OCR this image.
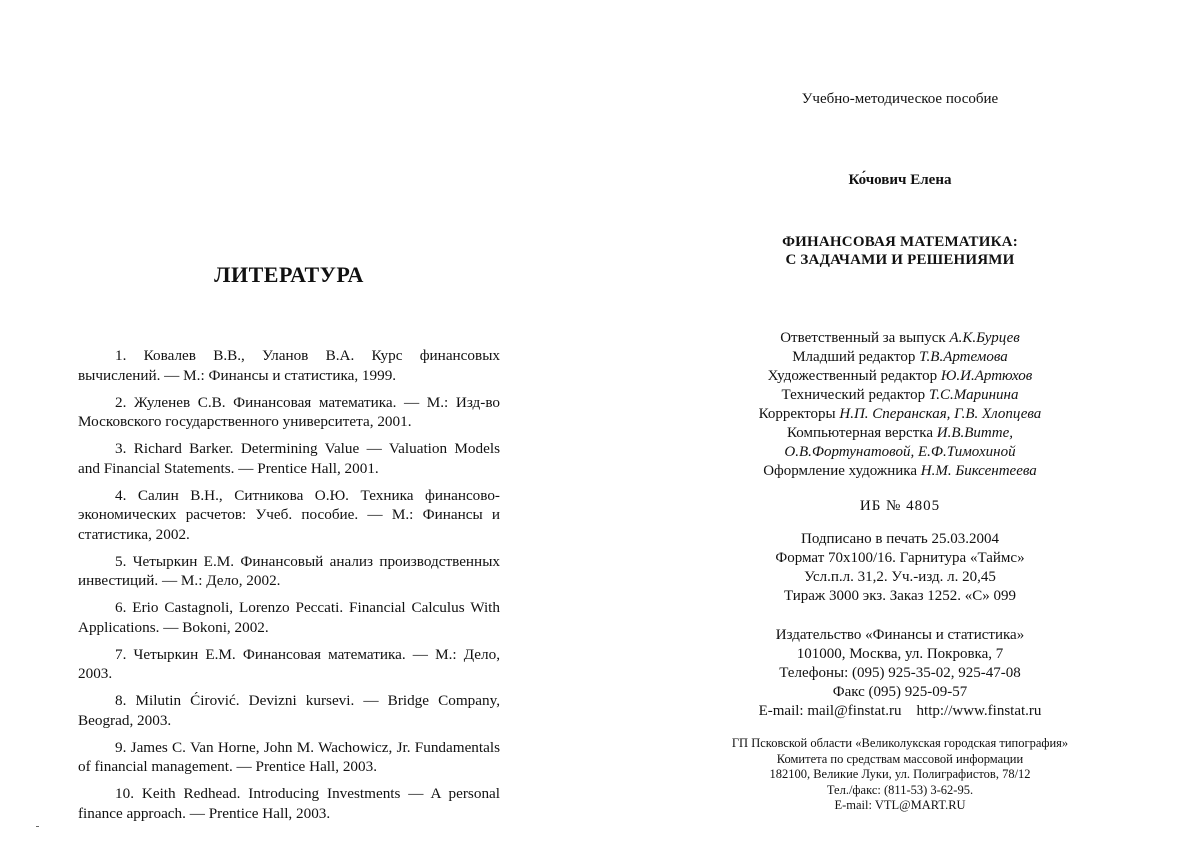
ЛИТЕРАТУРА
1. Ковалев В.В., Уланов В.А. Курс финансовых вычислений. — М.: Финансы и статистика, 1999.
2. Жуленев С.В. Финансовая математика. — М.: Изд-во Московского государственного университета, 2001.
3. Richard Barker. Determining Value — Valuation Models and Financial Statements. — Prentice Hall, 2001.
4. Салин В.Н., Ситникова О.Ю. Техника финансово-экономических расчетов: Учеб. пособие. — М.: Финансы и статистика, 2002.
5. Четыркин Е.М. Финансовый анализ производственных инвестиций. — М.: Дело, 2002.
6. Erio Castagnoli, Lorenzo Peccati. Financial Calculus With Applications. — Bokoni, 2002.
7. Четыркин Е.М. Финансовая математика. — М.: Дело, 2003.
8. Milutin Ćirović. Devizni kursevi. — Bridge Company, Beograd, 2003.
9. James C. Van Horne, John M. Wachowicz, Jr. Fundamentals of financial management. — Prentice Hall, 2003.
10. Keith Redhead. Introducing Investments — A personal finance approach. — Prentice Hall, 2003.

Учебно-методическое пособие

Ко́чович Елена

ФИНАНСОВАЯ МАТЕМАТИКА:
С ЗАДАЧАМИ И РЕШЕНИЯМИ
Ответственный за выпуск А.К.Бурцев
Младший редактор Т.В.Артемова
Художественный редактор Ю.И.Артюхов
Технический редактор Т.С.Маринина
Корректоры Н.П. Сперанская, Г.В. Хлопцева
Компьютерная верстка И.В.Витте,
О.В.Фортунатовой, Е.Ф.Тимохиной
Оформление художника Н.М. Биксентеева

ИБ № 4805

Подписано в печать 25.03.2004
Формат 70x100/16. Гарнитура «Таймс»
Усл.п.л. 31,2. Уч.-изд. л. 20,45
Тираж 3000 экз. Заказ 1252. «С» 099
Издательство «Финансы и статистика»
101000, Москва, ул. Покровка, 7
Телефоны: (095) 925-35-02, 925-47-08
Факс (095) 925-09-57
E-mail: mail@finstat.ru    http://www.finstat.ru
ГП Псковской области «Великолукская городская типография»
Комитета по средствам массовой информации
182100, Великие Луки, ул. Полиграфистов, 78/12
Тел./факс: (811-53) 3-62-95.
E-mail: VTL@MART.RU
